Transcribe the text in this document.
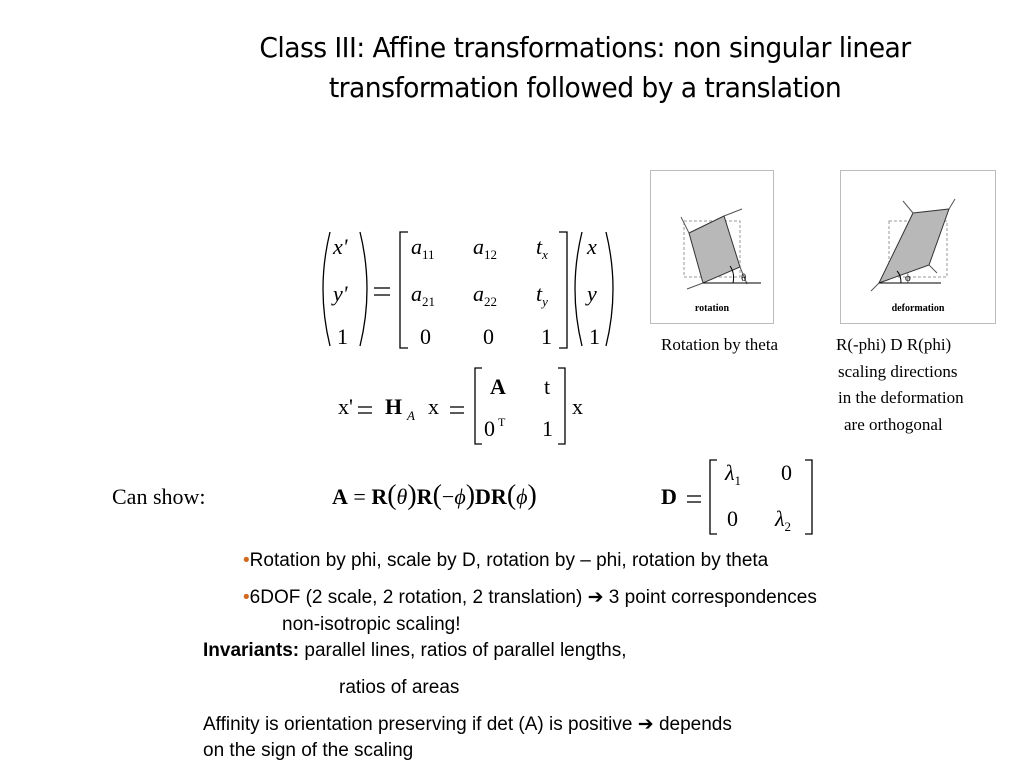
Class III: Affine transformations: non singular linear
transformation followed by a translation
x'
y'
1
$a_{11}$ $a_{12}$ $t_x$
$a_{21}$ $a_{22}$ $t_y$
0 0 1
x
y
1
x' H A x
A t
0 T 1
x
θ
rotation
ϕ
deformation
Rotation by theta	R(-phi) D R(phi)
scaling directions
in the deformation
are orthogonal
Can show:	A = R(θ)R(−ϕ)DR(ϕ)	D
$\lambda_1$ 0
0 $\lambda_2$
•Rotation by phi, scale by D, rotation by – phi, rotation by theta
•6DOF (2 scale, 2 rotation, 2 translation) ➔ 3 point correspondences
non-isotropic scaling!
Invariants: parallel lines, ratios of parallel lengths,
ratios of areas
Affinity is orientation preserving if det (A) is positive ➔ depends
on the sign of the scaling
